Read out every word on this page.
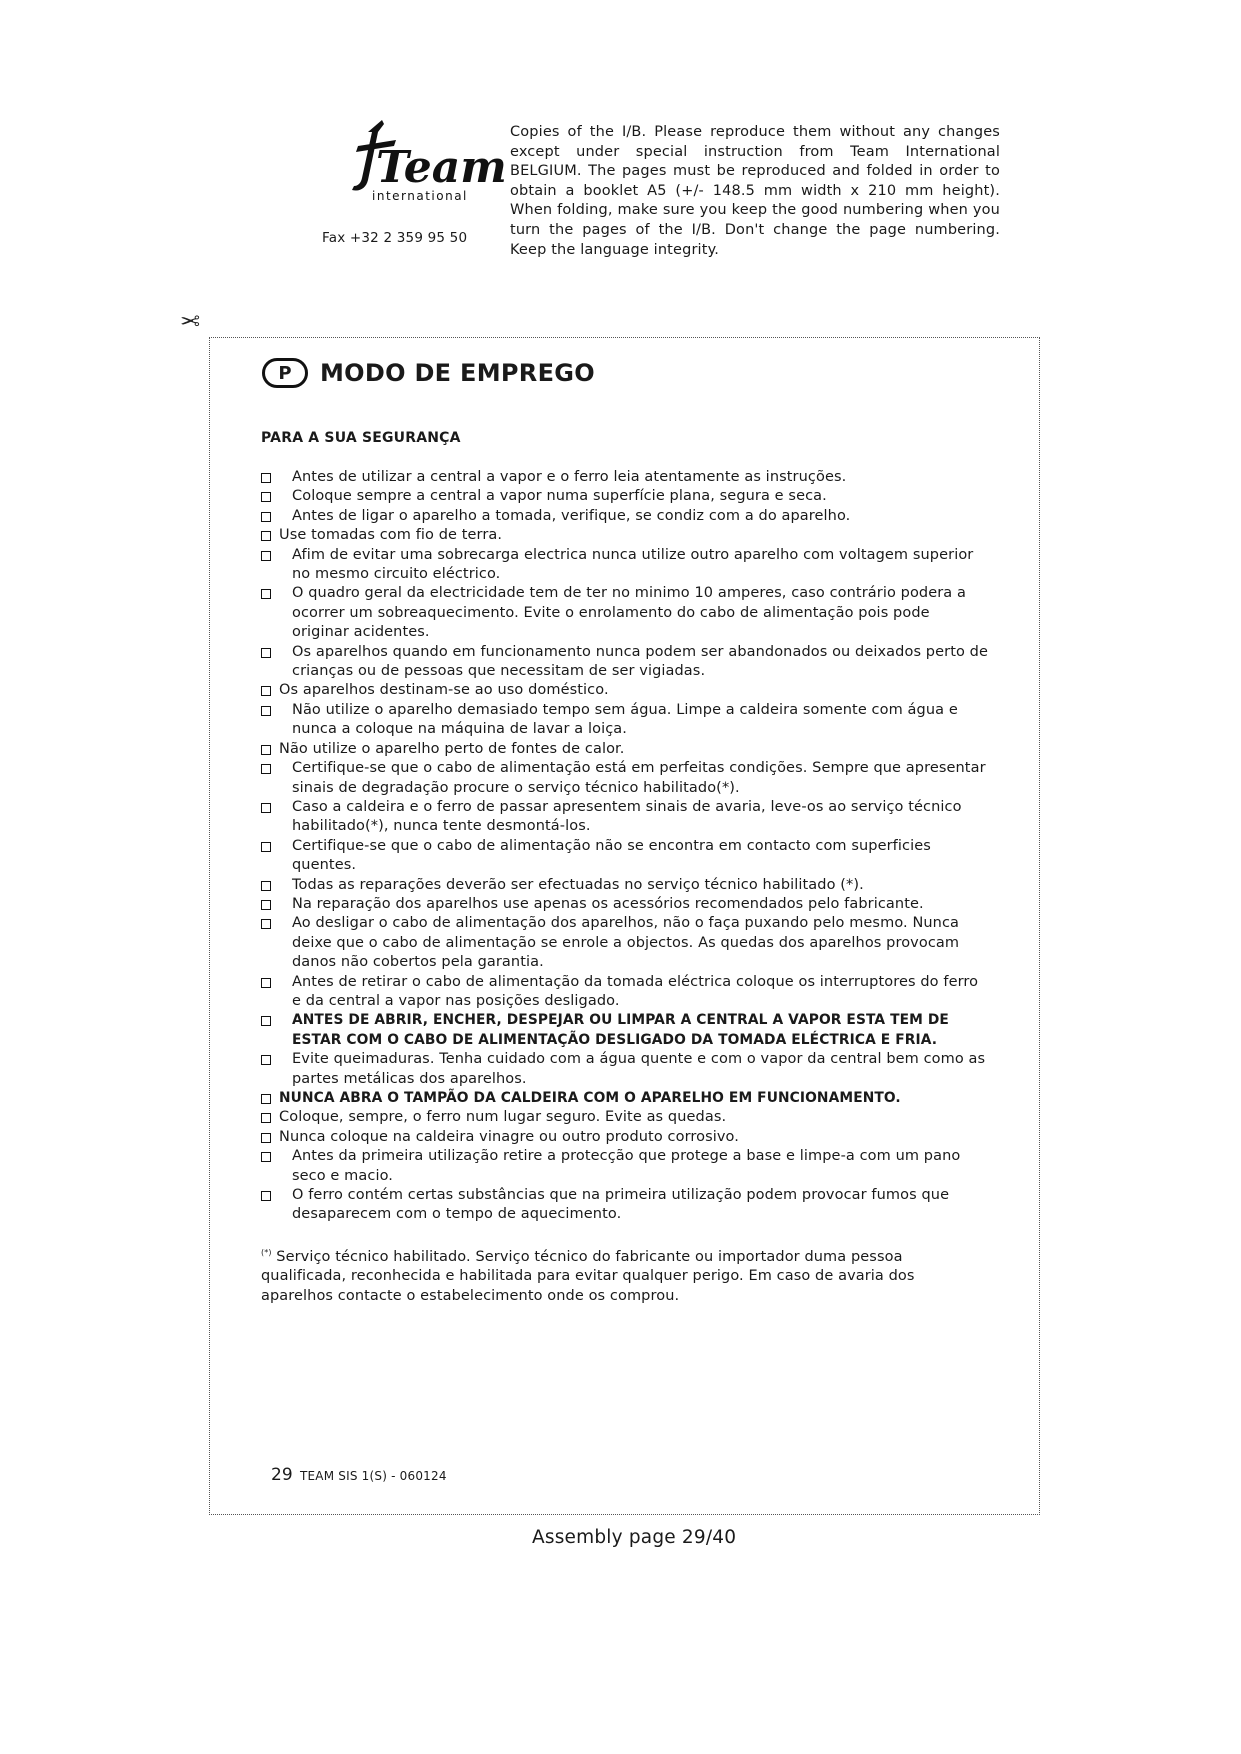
Team
international
Fax +32 2 359 95 50
Copies of the I/B. Please reproduce them without any changes except under special instruction from Team International BELGIUM. The pages must be reproduced and folded in order to obtain a booklet A5 (+/- 148.5 mm width x 210 mm height). When folding, make sure you keep the good numbering when you turn the pages of the I/B. Don't change the page numbering. Keep the language integrity.
✂
P	MODO DE EMPREGO
PARA A SUA SEGURANÇA
Antes de utilizar a central a vapor e o ferro leia atentamente as instruções.
Coloque sempre a central a vapor numa superfície plana, segura e seca.
Antes de ligar o aparelho a tomada, verifique, se condiz com a do aparelho.
Use tomadas com fio de terra.
Afim de evitar uma sobrecarga electrica nunca utilize outro aparelho com voltagem superior no mesmo circuito eléctrico.
O quadro geral da electricidade tem de ter no minimo 10 amperes, caso contrário podera a ocorrer um sobreaquecimento. Evite o enrolamento do cabo de alimentação pois pode originar acidentes.
Os aparelhos quando em funcionamento nunca podem ser abandonados ou deixados perto de crianças ou de pessoas que necessitam de ser vigiadas.
Os aparelhos destinam-se ao uso doméstico.
Não utilize o aparelho demasiado tempo sem água. Limpe a caldeira somente com água e nunca a coloque na máquina de lavar a loiça.
Não utilize o aparelho perto de fontes de calor.
Certifique-se que o cabo de alimentação está em perfeitas condições. Sempre que apresentar sinais de degradação procure o serviço técnico habilitado(*).
Caso a caldeira e o ferro de passar apresentem sinais de avaria, leve-os ao serviço técnico habilitado(*), nunca tente desmontá-los.
Certifique-se que o cabo de alimentação não se encontra em contacto com superficies quentes.
Todas as reparações deverão ser efectuadas no serviço técnico habilitado (*).
Na reparação dos aparelhos use apenas os acessórios recomendados pelo fabricante.
Ao desligar o cabo de alimentação dos aparelhos, não o faça puxando pelo mesmo. Nunca deixe que o cabo de alimentação se enrole a objectos. As quedas dos aparelhos provocam danos não cobertos pela garantia.
Antes de retirar o cabo de alimentação da tomada eléctrica coloque os interruptores do ferro e da central a vapor nas posições desligado.
ANTES DE ABRIR, ENCHER, DESPEJAR OU LIMPAR A CENTRAL A VAPOR ESTA TEM DE ESTAR COM O CABO DE ALIMENTAÇÃO DESLIGADO DA TOMADA ELÉCTRICA E FRIA.
Evite queimaduras. Tenha cuidado com a água quente e com o vapor da central bem como as partes metálicas dos aparelhos.
NUNCA ABRA O TAMPÃO DA CALDEIRA COM O APARELHO EM FUNCIONAMENTO.
Coloque, sempre, o ferro num lugar seguro. Evite as quedas.
Nunca coloque na caldeira vinagre ou outro produto corrosivo.
Antes da primeira utilização retire a protecção que protege a base e limpe-a com um pano seco e macio.
O ferro contém certas substâncias que na primeira utilização podem provocar fumos que desaparecem com o tempo de aquecimento.
(*) Serviço técnico habilitado. Serviço técnico do fabricante ou importador duma pessoa qualificada, reconhecida e habilitada para evitar qualquer perigo. Em caso de avaria dos aparelhos contacte o estabelecimento onde os comprou.
29 TEAM SIS 1(S) - 060124
Assembly page 29/40
